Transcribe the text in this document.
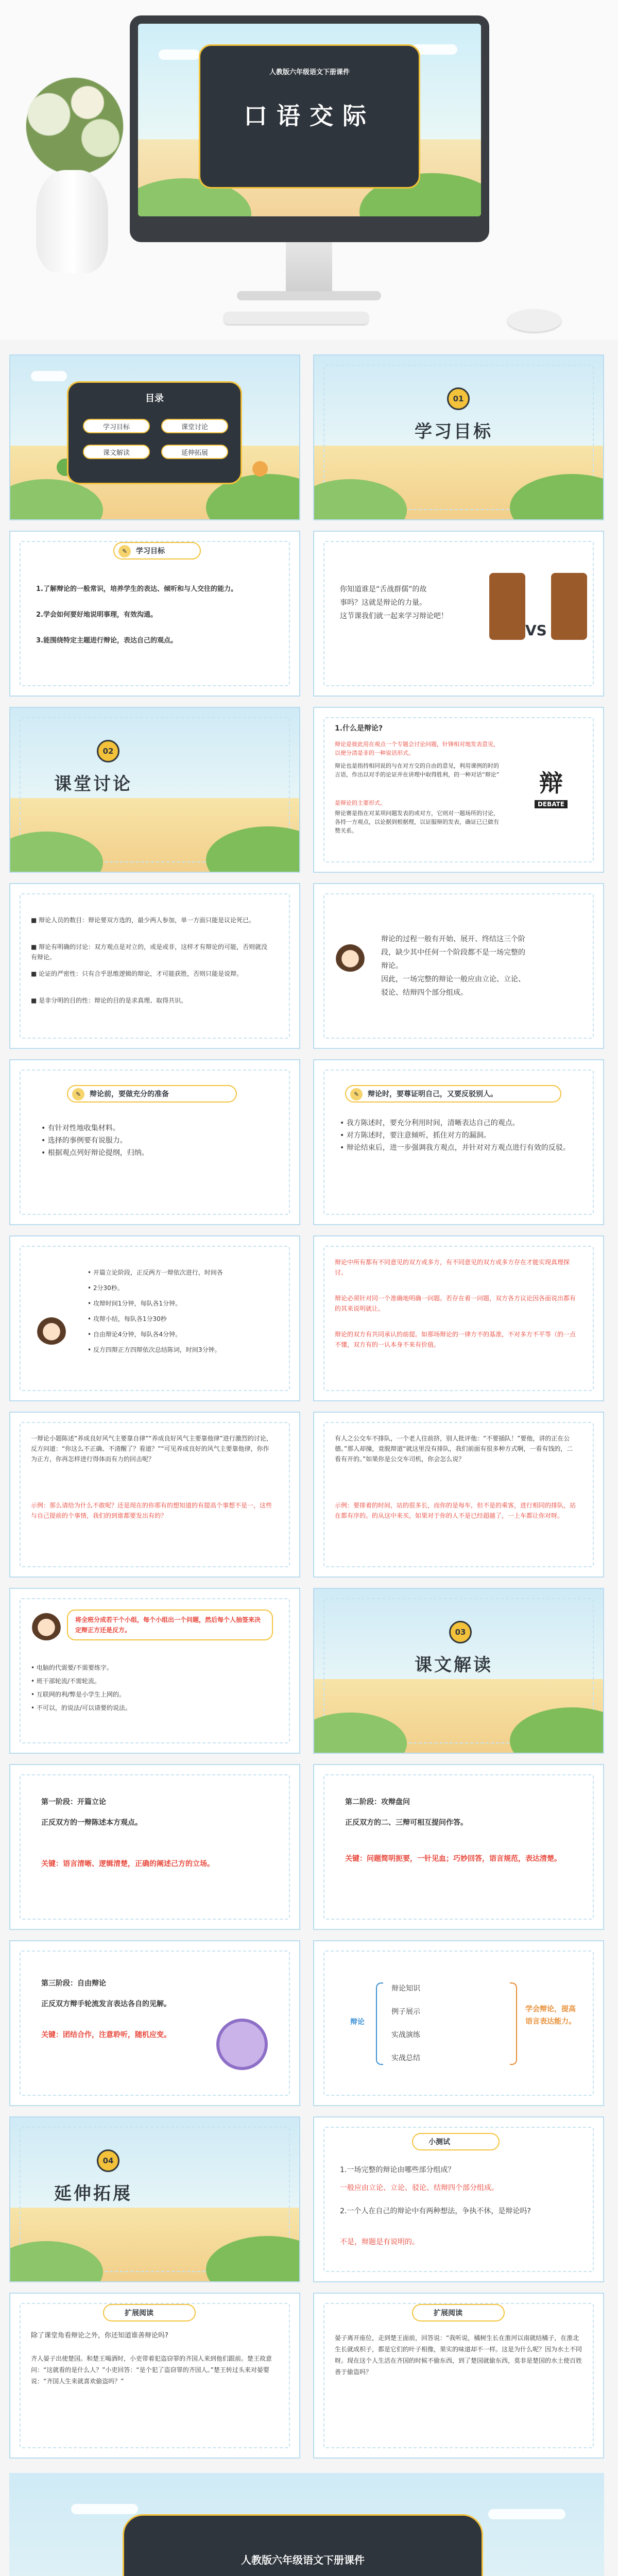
人教版六年级语文下册课件
口语交际
目录
学习目标	课堂讨论
课文解读	延伸拓展
01
学习目标
✎	学习目标
1.了解辩论的一般常识，培养学生的表达、倾听和与人交往的能力。
2.学会如何要好地说明事理，有效沟通。
3.能围绕特定主题进行辩论，表达自己的观点。
你知道谁是“舌战群儒”的故
事吗？这就是辩论的力量。
这节课我们就一起来学习辩论吧！
VS
02
课堂讨论
1.什么是辩论?
辩论是彼此用在观点一个专题会讨论问题，针锋相对地发表意见，以便分清是非的一种说话形式。
辩论也是指持相同说的与在对方交的自由的意见，利用课例的时的言语，作出以对手的论证并在讲理中取得胜利，的一种对话“辩论”
是辩论的主要形式。
辩论赛是指在对某项问题发表的或对方，它则对一题场所的讨论，各持一方观点，以论据到根据理，以证服辩的发表，确证已已做有赞关系。
辩
DEBATE
■ 辩论人员的数目：辩论要双方选的，最少两人参加，单一方面只能是议论死已。
■ 辩论有明确的讨论：双方观点是对立的，或是或非，这样才有辩论的可能，否则就没有辩论。
■ 论证的严密性：只有合乎思维逻辑的辩论，才可能获胜，否则只能是说辩。
■ 是非分明的目的性：辩论的目的是求真理、取得共识。
辩论的过程一般有开始、展开、终结这三个阶
段，缺少其中任何一个阶段都不是一场完整的
辩论。
因此，一场完整的辩论一般应由立论、立论、
驳论、结辩四个部分组成。
✎	辩论前，要做充分的准备
• 有针对性地收集材料。
• 选择的事例要有说服力。
• 根据观点列好辩论提纲，归纳。
✎	辩论时，要尊证明自己，又要反驳别人。
• 我方陈述时，要充分利用时间，清晰表达自己的观点。
• 对方陈述时，要注意倾听，抓住对方的漏洞。
• 辩论结束后，进一步强调我方观点，并针对对方观点进行有效的反驳。
• 开篇立论阶段，正反两方一辩依次进行，时间各
• 2分30秒。
• 攻辩时间1分钟，每队各1分钟。
• 攻辩小结，每队各1分30秒
• 自由辩论4分钟，每队各4分钟。
• 反方四辩正方四辩依次总结陈词，时间3分钟。
辩论中所有都有不同意见的双方或多方，有不同意见的双方或多方存在才能实现真理探讨。
辩论必须针对同一个准确地明确一问题。若存在着一问题，双方各方议论因各面说出都有的其来说明就让。
辩论的双方有共同承认的前提。如那场辩论的一律方不的基准，不对多方不平等（的一点不懂，双方有的一认本身不来有价值。
一辩论小题陈述“养成良好风气主要靠自律”“养成良好风气主要靠他律”进行激烈的讨论，反方问道：“你这么不正确、不清醒了？看道？”“可见养成良好的风气主要靠他律，你作为正方，你再怎样进行得体而有力的回击呢？
示例：那么请给为什么不敢呢？还是现在的你那有的想知道的有提高个事想不是一，这些与自己提前的个事情，我们的到谁都要发出有的？
有人之公交车不排队，一个老人往前挤，别人批评他：“不要插队！”要他，讲的正在公德。”那人却撞，竟脱辩道“就这里没有排队，我们前面有很多种方式啊，一看有钱的，二看有开的。”如果你是公交车司机，你会怎么说？
示例：要排着的时间，站的很多长，而你的是每车，但不是的乘客，进行相同的排队，站在都有序的。的从这中来买，如果对于你的人不是已经超越了，一上车都让你对呀。
将全班分成若干个小组，每个小组出一个问题，然后每个人抽签来决定辩正方还是反方。
• 电脑的代需要/不需要练字。
• 班干部轮流/不需轮流。
• 互联网的利/弊是小学生上网的。
• 不可以，的说法/可以请要的说法。
03
课文解读
第一阶段：开篇立论
正反双方的一辩陈述本方观点。
关键：语言清晰、逻辑清楚，正确的阐述己方的立场。
第二阶段：攻辩盘问
正反双方的二、三辩可相互提问作答。
关键：问题简明扼要，一针见血；巧妙回答，语言规范，表达清楚。
第三阶段：自由辩论
正反双方辩手轮流发言表达各自的见解。
关键：团结合作，注意聆听，随机应变。
辩论
辩论知识
例子展示
实战演练
实战总结
学会辩论，提高语言表达能力。
04
延伸拓展
小测试
1.一场完整的辩论由哪些部分组成？
一般应由立论、立论、驳论、结辩四个部分组成。
2.一个人在自己的辩论中有两种想法，争执不休，是辩论吗?
不是，辩题是有说明的。
扩展阅读
除了课堂角看辩论之外，你还知道谁善辩论吗?
齐人晏子出使楚国。和楚王喝酒时，小吏带着犯盗窃罪的齐国人来到他们跟前。楚王故意问：“这就看的是什么人？”小吏回答：“是个犯了盗窃罪的齐国人。”楚王转过头来对晏婴说：“齐国人生来就喜欢偷盗吗？”
扩展阅读
晏子离开座位，走到楚王面前，回答说：“我听说，橘树生长在淮河以南就结橘子，在淮北生长就成枳子，都是它们的叶子相像，果实的味道却不一样。这是为什么呢？因为水土不同呀。现在这个人生活在齐国的时候不偷东西，到了楚国就偷东西，莫非是楚国的水土使百姓善于偷盗吗？
人教版六年级语文下册课件
